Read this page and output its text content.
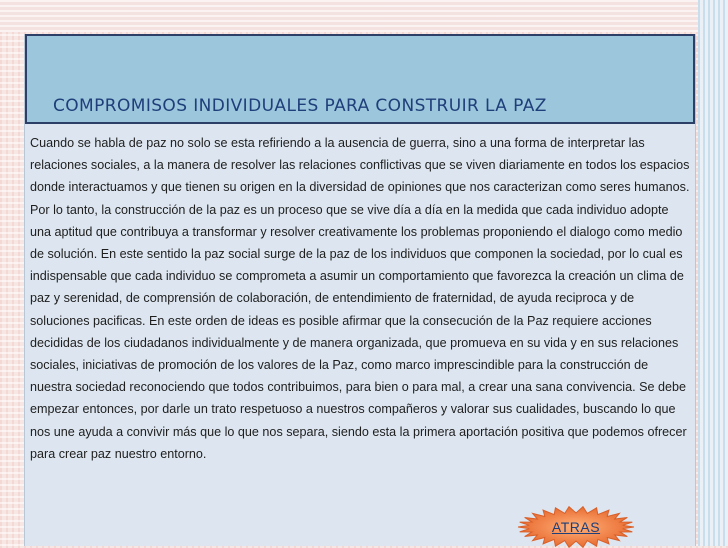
COMPROMISOS INDIVIDUALES PARA CONSTRUIR LA PAZ

Cuando se habla de paz no solo se esta refiriendo a la ausencia de guerra, sino a una forma de interpretar las relaciones sociales, a la manera de resolver las relaciones conflictivas que se viven diariamente en todos los espacios donde interactuamos y que tienen su origen en la diversidad de opiniones que nos caracterizan como seres humanos. Por lo tanto, la construcción de la paz es un proceso que se vive día a día en la medida que cada individuo adopte una aptitud que contribuya a transformar y resolver creativamente los problemas proponiendo el dialogo como medio de solución. En este sentido la paz social surge de la paz de los individuos que componen la sociedad, por lo cual es indispensable que cada individuo se comprometa a asumir un comportamiento que favorezca la creación un clima de paz y serenidad, de comprensión de colaboración, de entendimiento de fraternidad, de ayuda reciproca y de soluciones pacificas. En este orden de ideas es posible afirmar que la consecución de la Paz requiere acciones decididas de los ciudadanos individualmente y de manera organizada, que promueva en su vida y en sus relaciones sociales, iniciativas de promoción de los valores de la Paz, como marco imprescindible para la construcción de nuestra sociedad reconociendo que todos contribuimos, para bien o para mal, a crear una sana convivencia. Se debe empezar entonces, por darle un trato respetuoso a nuestros compañeros y valorar sus cualidades, buscando lo que nos une ayuda a convivir más que lo que nos separa, siendo esta la primera aportación positiva que podemos ofrecer para crear paz nuestro entorno.

ATRAS
